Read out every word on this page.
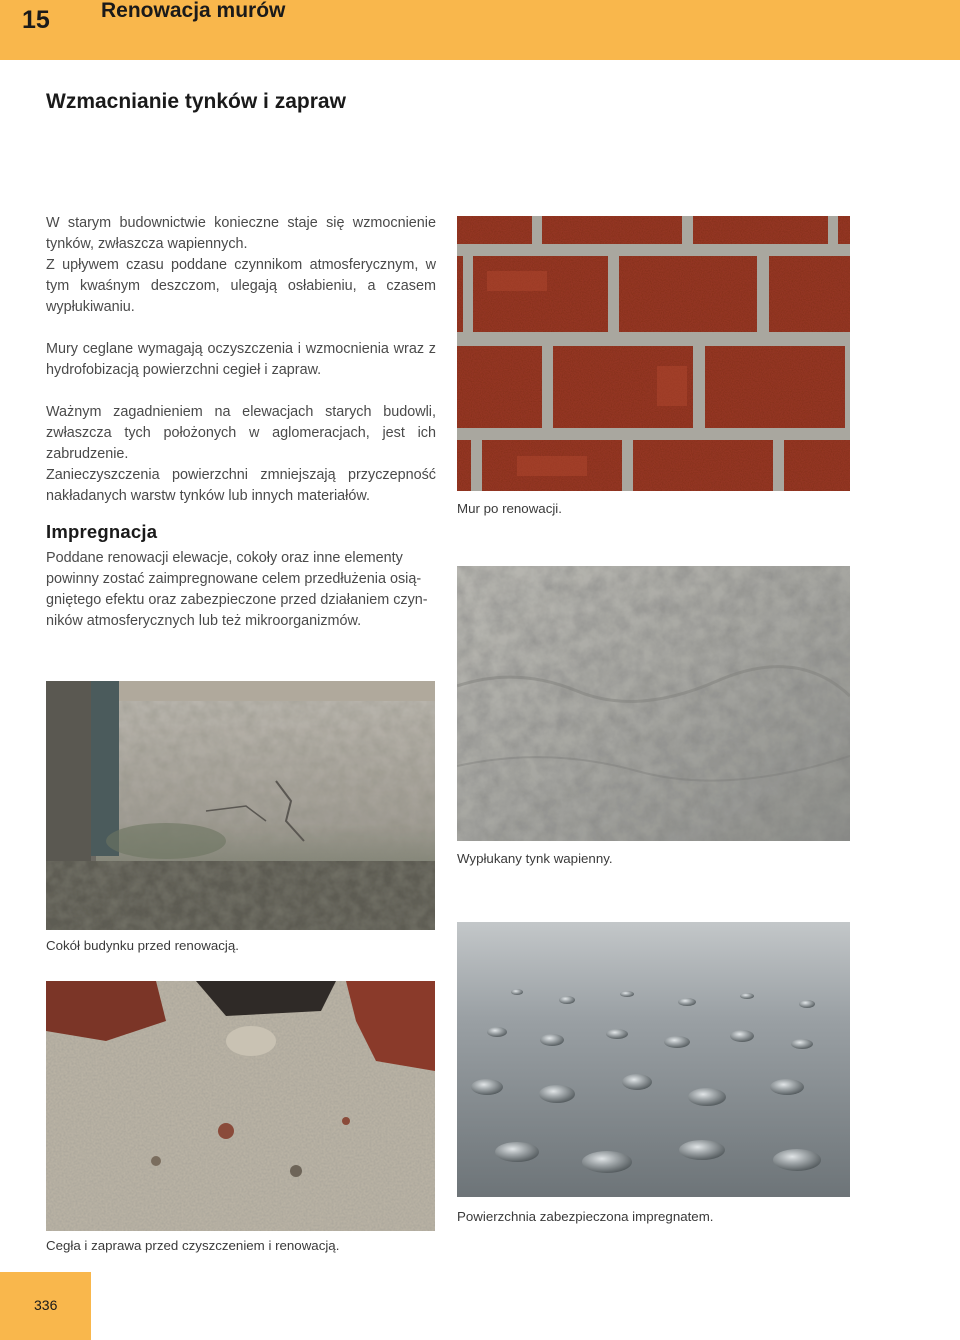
15 Renowacja murów
Wzmacnianie tynków i zapraw

W starym budownictwie konieczne staje się wzmocnienie tynków, zwłaszcza wapiennych.

Z upływem czasu poddane czynnikom atmosferycznym, w tym kwaśnym deszczom, ulegają osłabieniu, a czasem wypłukiwaniu.

Mury ceglane wymagają oczyszczenia i wzmocnienia wraz z hydrofobizacją powierzchni cegieł i zapraw.

Ważnym zagadnieniem na elewacjach starych budowli, zwłaszcza tych położonych w aglomeracjach, jest ich zabrudzenie.

Zanieczyszczenia powierzchni zmniejszają przyczepność nakładanych warstw tynków lub innych materiałów.

Impregnacja

Poddane renowacji elewacje, cokoły oraz inne elementy powinny zostać zaimpregnowane celem przedłużenia osiągniętego efektu oraz zabezpieczone przed działaniem czynników atmosferycznych lub też mikroorganizmów.

Mur po renowacji.
Wypłukany tynk wapienny.
Cokół budynku przed renowacją.
Powierzchnia zabezpieczona impregnatem.
Cegła i zaprawa przed czyszczeniem i renowacją.
336
